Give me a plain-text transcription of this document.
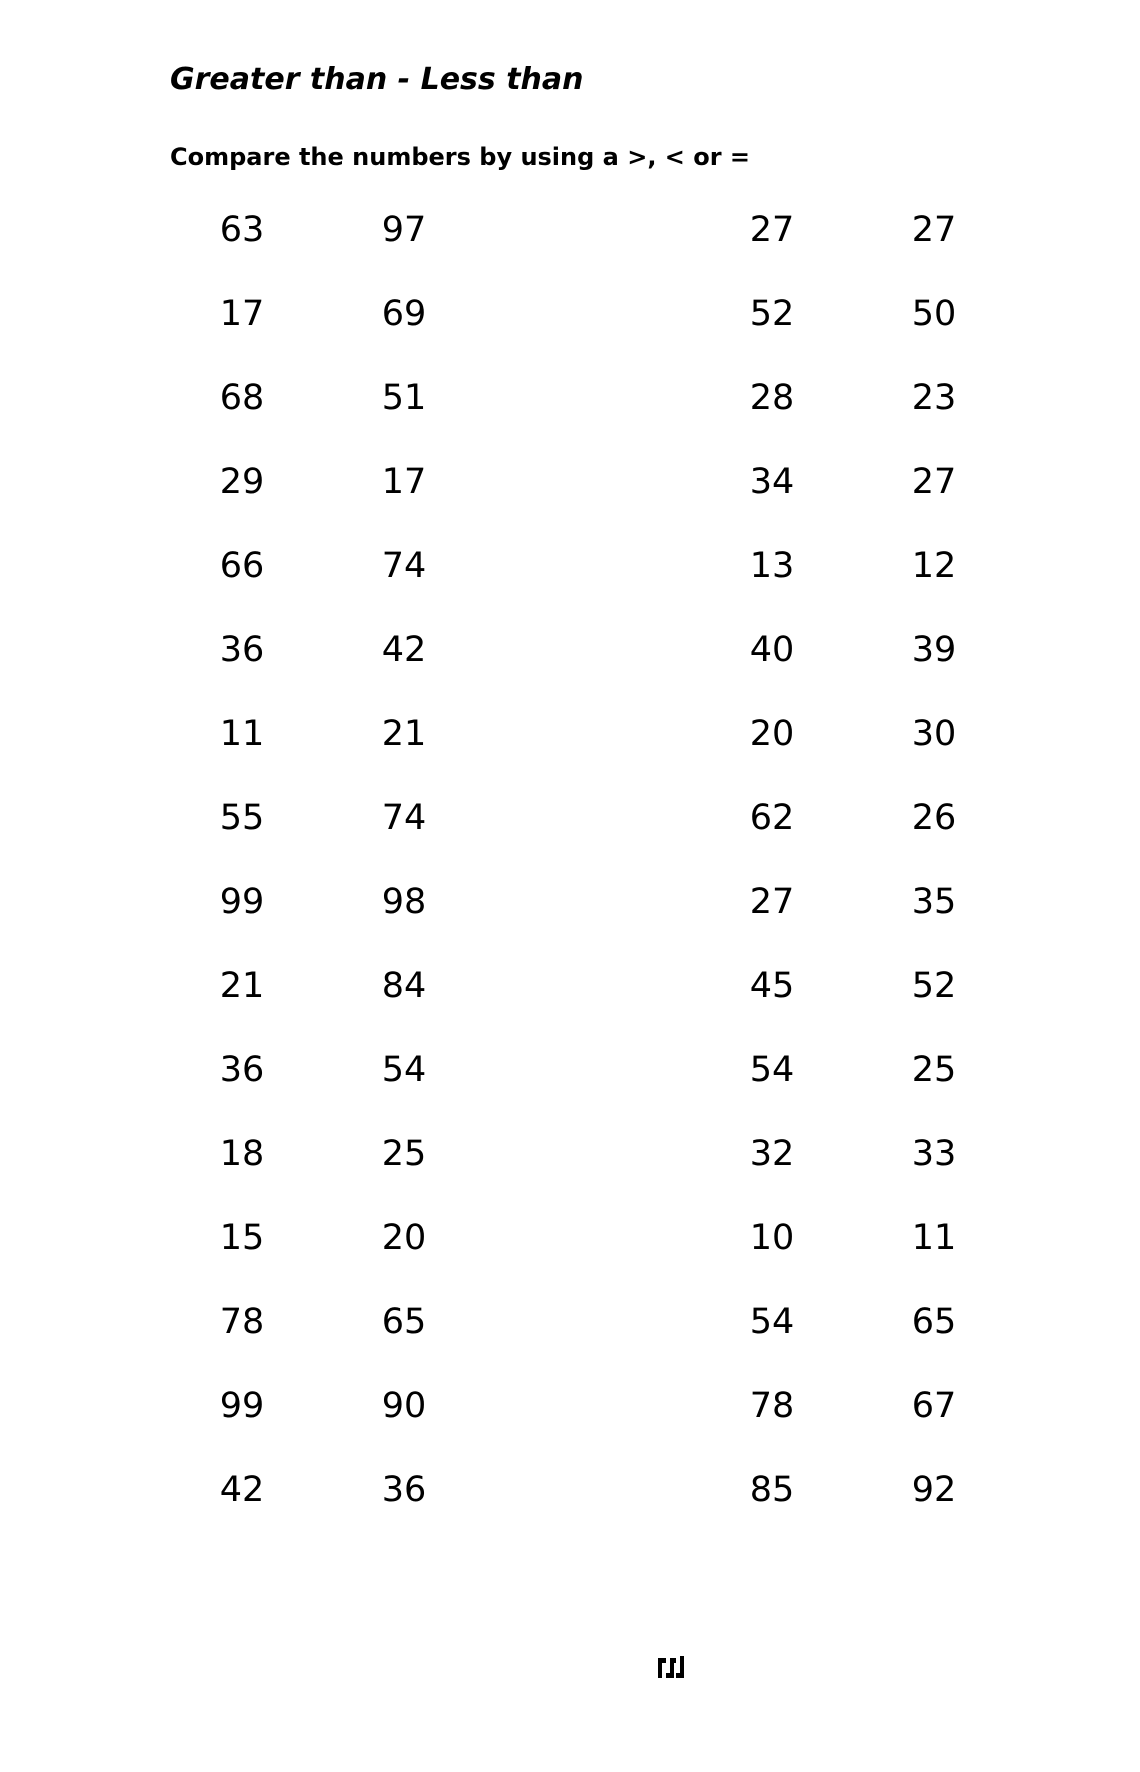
Greater than - Less than

Compare the numbers by using a >, < or =

63	97	27	27
17	69	52	50
68	51	28	23
29	17	34	27
66	74	13	12
36	42	40	39
11	21	20	30
55	74	62	26
99	98	27	35
21	84	45	52
36	54	54	25
18	25	32	33
15	20	10	11
78	65	54	65
99	90	78	67
42	36	85	92
